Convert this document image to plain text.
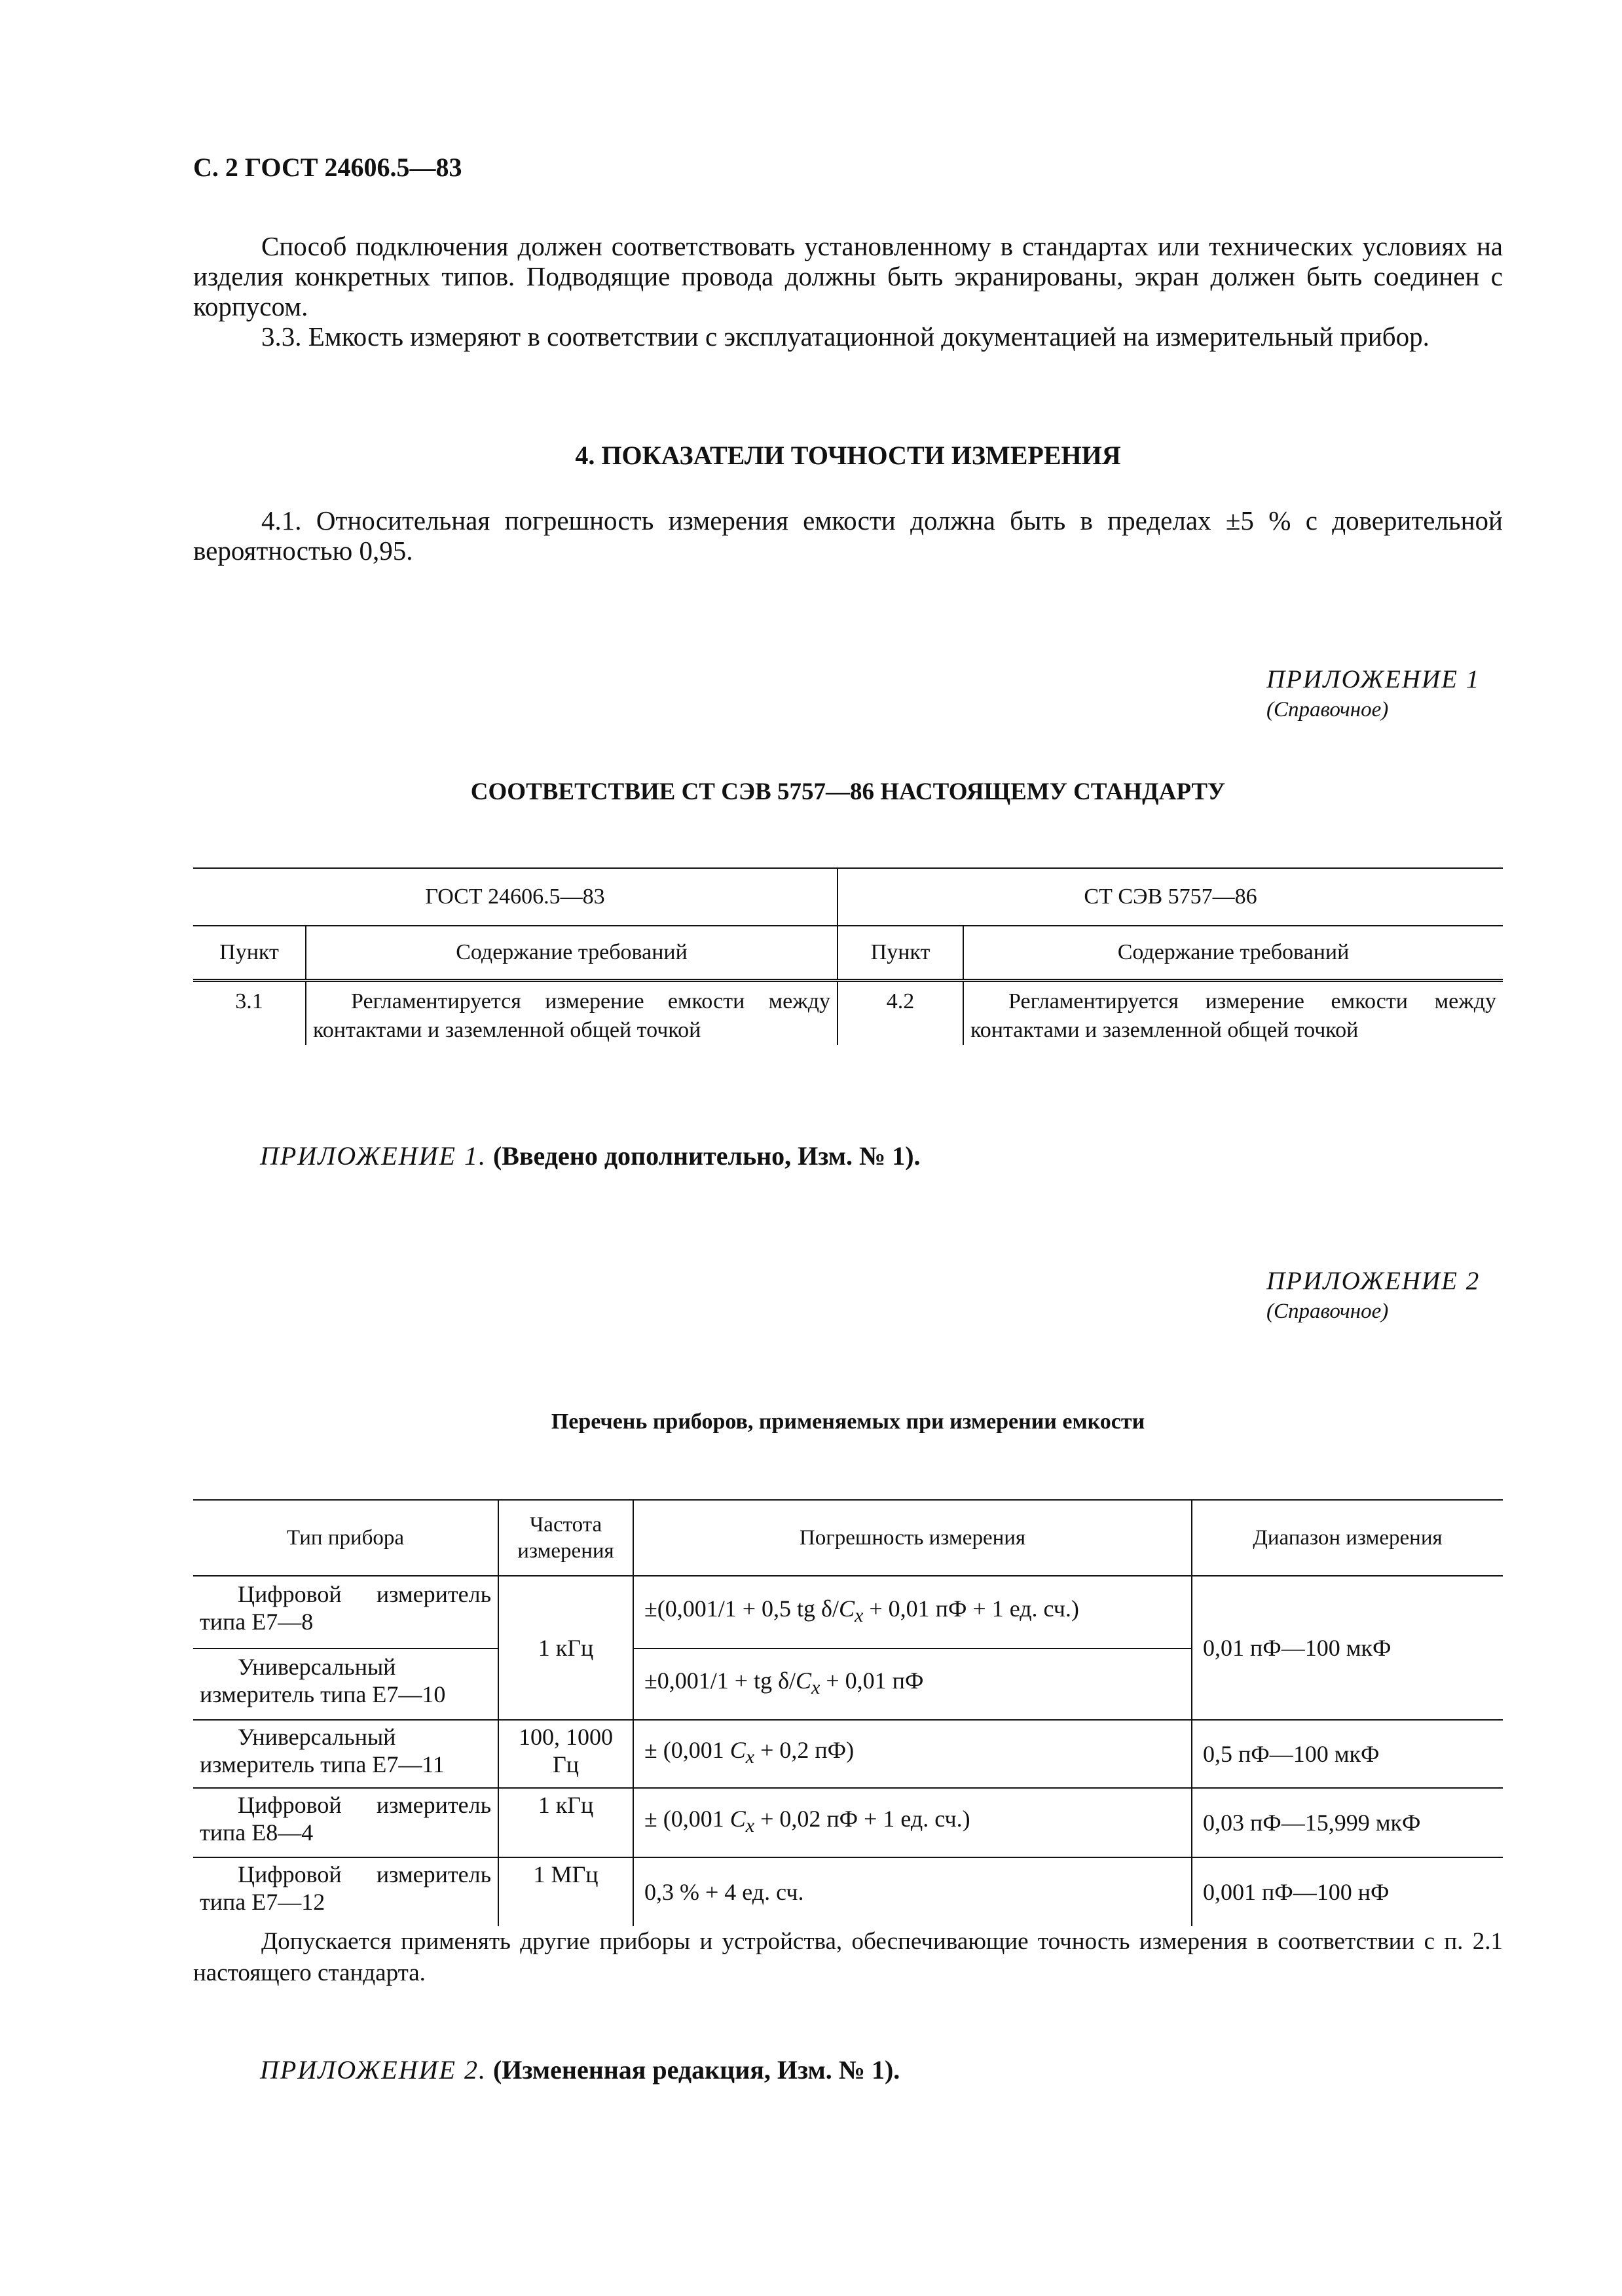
С. 2 ГОСТ 24606.5—83

Способ подключения должен соответствовать установленному в стандартах или технических условиях на изделия конкретных типов. Подводящие провода должны быть экранированы, экран должен быть соединен с корпусом.

3.3. Емкость измеряют в соответствии с эксплуатационной документацией на измерительный прибор.

4. ПОКАЗАТЕЛИ ТОЧНОСТИ ИЗМЕРЕНИЯ

4.1. Относительная погрешность измерения емкости должна быть в пределах ±5 % с доверительной вероятностью 0,95.

ПРИЛОЖЕНИЕ 1
(Справочное)
СООТВЕТСТВИЕ СТ СЭВ 5757—86 НАСТОЯЩЕМУ СТАНДАРТУ
ГОСТ 24606.5—83		СТ СЭВ 5757—86	
Пункт	Содержание требований	Пункт	Содержание требований
3.1	Регламентируется измерение емкости между контактами и заземленной общей точкой	4.2	Регламентируется измерение емкости между контактами и заземленной общей точкой
ПРИЛОЖЕНИЕ 1. (Введено дополнительно, Изм. № 1).
ПРИЛОЖЕНИЕ 2
(Справочное)
Перечень приборов, применяемых при измерении емкости
Тип прибора	Частота измерения	Погрешность измерения	Диапазон измерения
Цифровой измеритель типа Е7—8	1 кГц	±(0,001/1 + 0,5 tg $\delta/C_x + 0,01$ пФ + 1 ед. сч.)	0,01 пФ—100 мкФ
Универсальный измеритель типа Е7—10		±0,001/1 + tg $\delta/C_x + 0,01$ пФ	
Универсальный измеритель типа Е7—11	100, 1000 Гц	± (0,001 $C_x + 0,2$ пФ)	0,5 пФ—100 мкФ
Цифровой измеритель типа Е8—4	1 кГц	± (0,001 $C_x + 0,02$ пФ + 1 ед. сч.)	0,03 пФ—15,999 мкФ
Цифровой измеритель типа Е7—12	1 МГц	0,3 % + 4 ед. сч.	0,001 пФ—100 нФ

Допускается применять другие приборы и устройства, обеспечивающие точность измерения в соответствии с п. 2.1 настоящего стандарта.

ПРИЛОЖЕНИЕ 2. (Измененная редакция, Изм. № 1).
